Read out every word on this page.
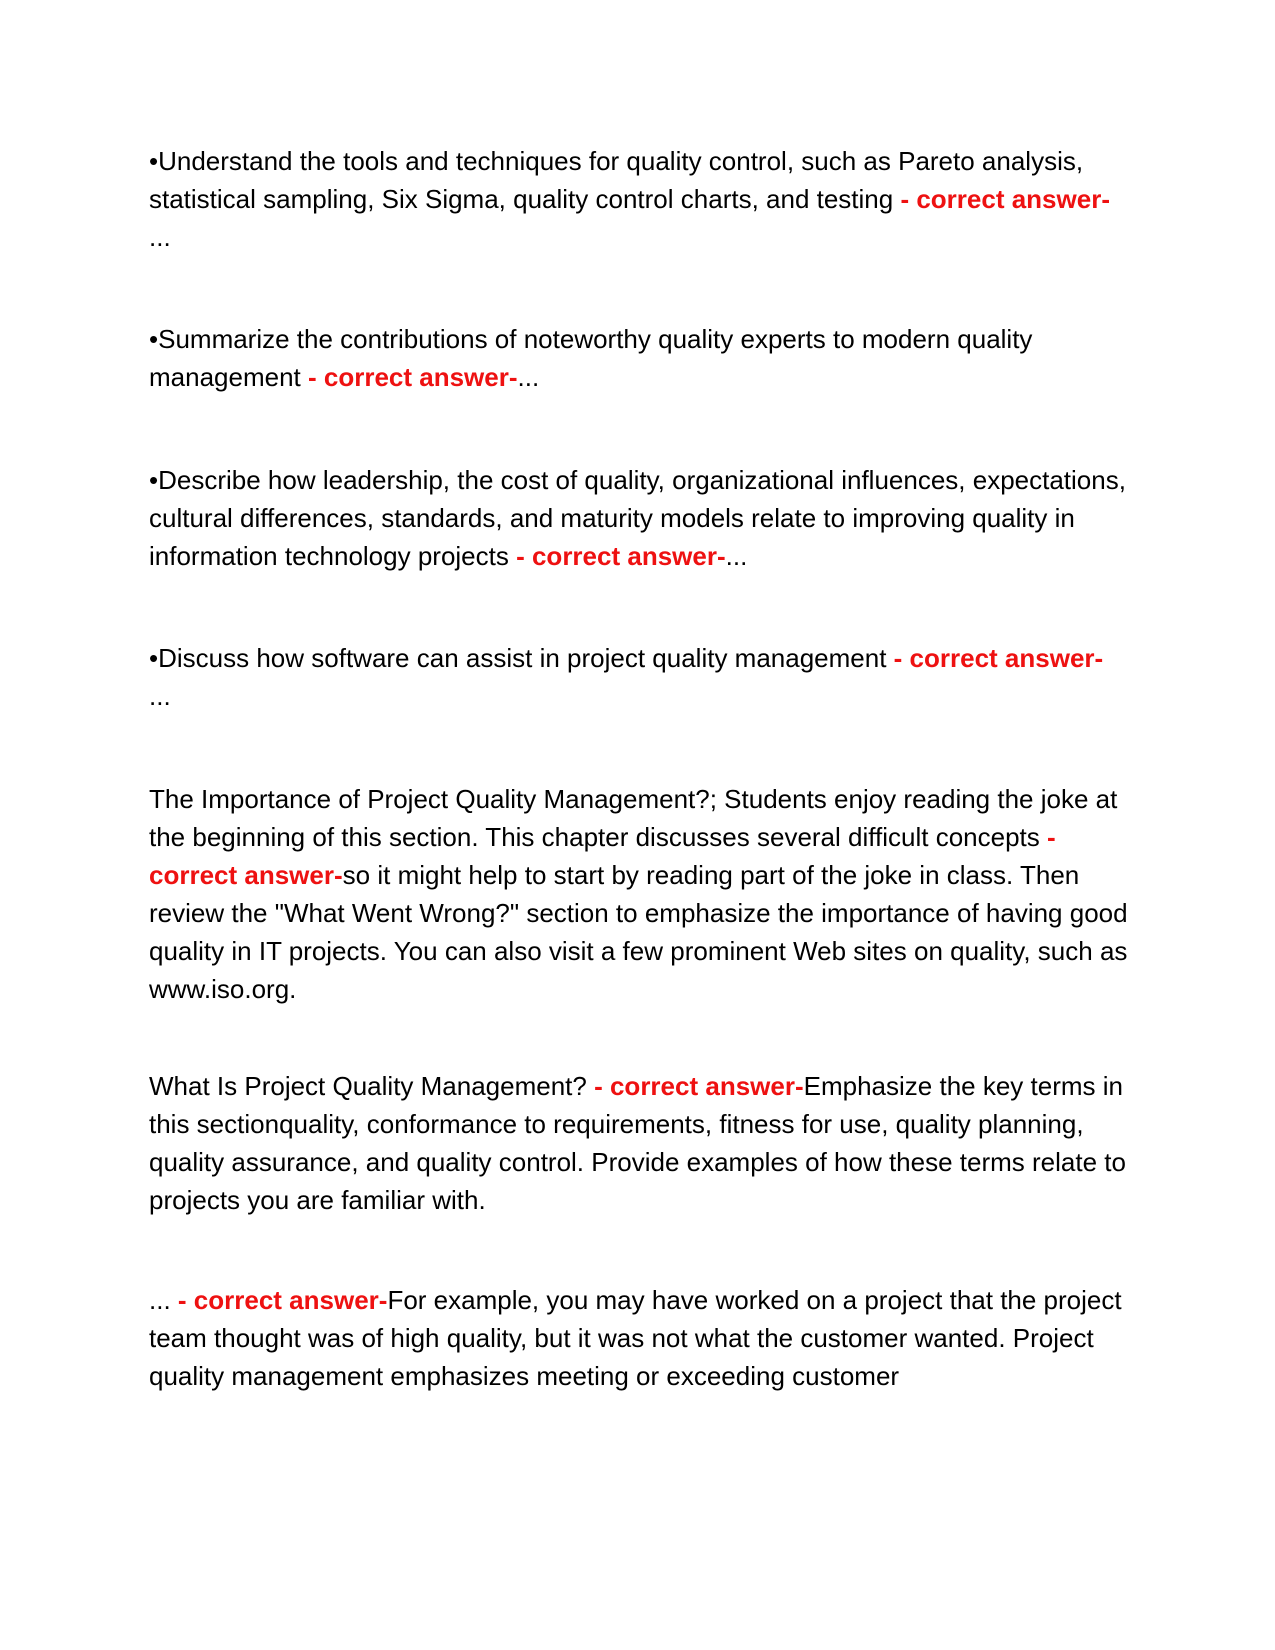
•Understand the tools and techniques for quality control, such as Pareto analysis, statistical sampling, Six Sigma, quality control charts, and testing - correct answer-
...

•Summarize the contributions of noteworthy quality experts to modern quality management - correct answer-...

•Describe how leadership, the cost of quality, organizational influences, expectations, cultural differences, standards, and maturity models relate to improving quality in information technology projects - correct answer-...

•Discuss how software can assist in project quality management - correct answer-
...

The Importance of Project Quality Management?; Students enjoy reading the joke at the beginning of this section. This chapter discusses several difficult concepts - correct answer-so it might help to start by reading part of the joke in class. Then review the "What Went Wrong?" section to emphasize the importance of having good quality in IT projects. You can also visit a few prominent Web sites on quality, such as www.iso.org.

What Is Project Quality Management? - correct answer-Emphasize the key terms in this sectionquality, conformance to requirements, fitness for use, quality planning, quality assurance, and quality control. Provide examples of how these terms relate to projects you are familiar with.

... - correct answer-For example, you may have worked on a project that the project team thought was of high quality, but it was not what the customer wanted. Project quality management emphasizes meeting or exceeding customer
